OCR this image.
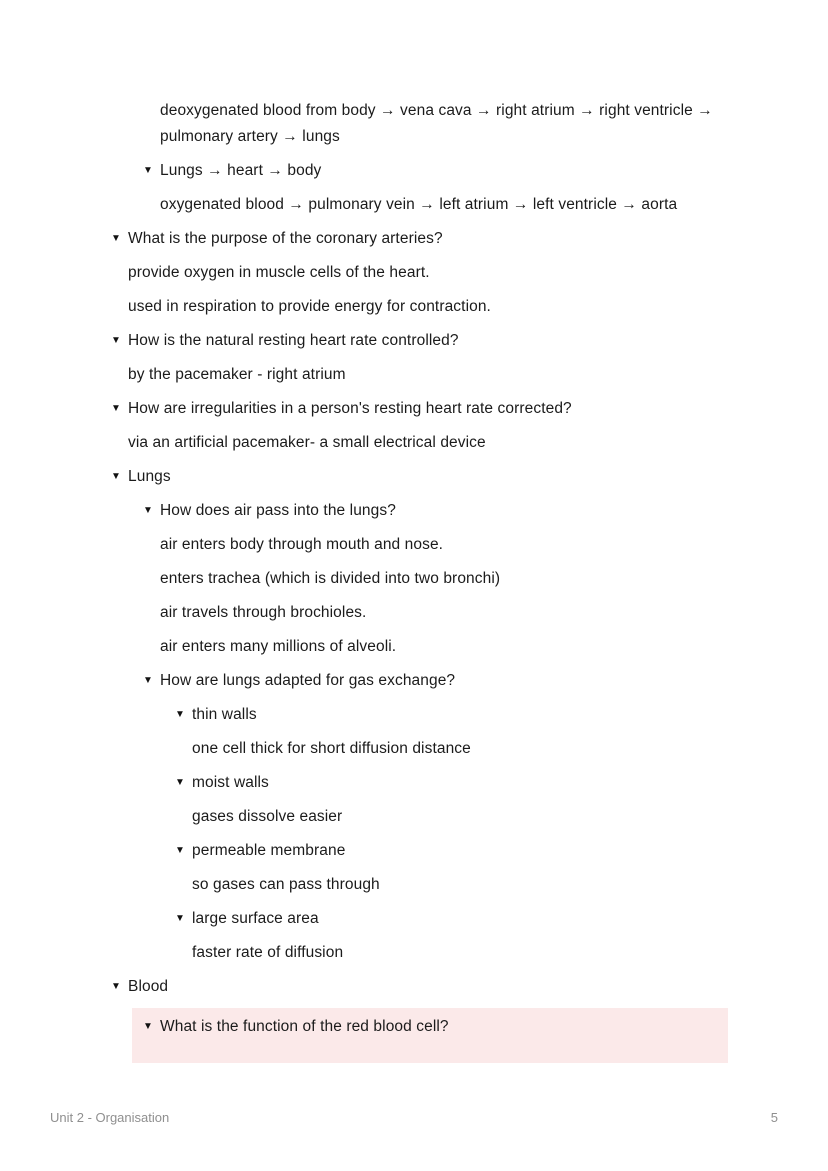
deoxygenated blood from body → vena cava → right atrium → right ventricle → pulmonary artery → lungs
▼ Lungs → heart → body
oxygenated blood → pulmonary vein → left atrium → left ventricle → aorta
▼ What is the purpose of the coronary arteries?
provide oxygen in muscle cells of the heart.
used in respiration to provide energy for contraction.
▼ How is the natural resting heart rate controlled?
by the pacemaker - right atrium
▼ How are irregularities in a person's resting heart rate corrected?
via an artificial pacemaker- a small electrical device
▼ Lungs
▼ How does air pass into the lungs?
air enters body through mouth and nose.
enters trachea (which is divided into two bronchi)
air travels through brochioles.
air enters many millions of alveoli.
▼ How are lungs adapted for gas exchange?
▼ thin walls
one cell thick for short diffusion distance
▼ moist walls
gases dissolve easier
▼ permeable membrane
so gases can pass through
▼ large surface area
faster rate of diffusion
▼ Blood
▼ What is the function of the red blood cell?
Unit 2 - Organisation	5
